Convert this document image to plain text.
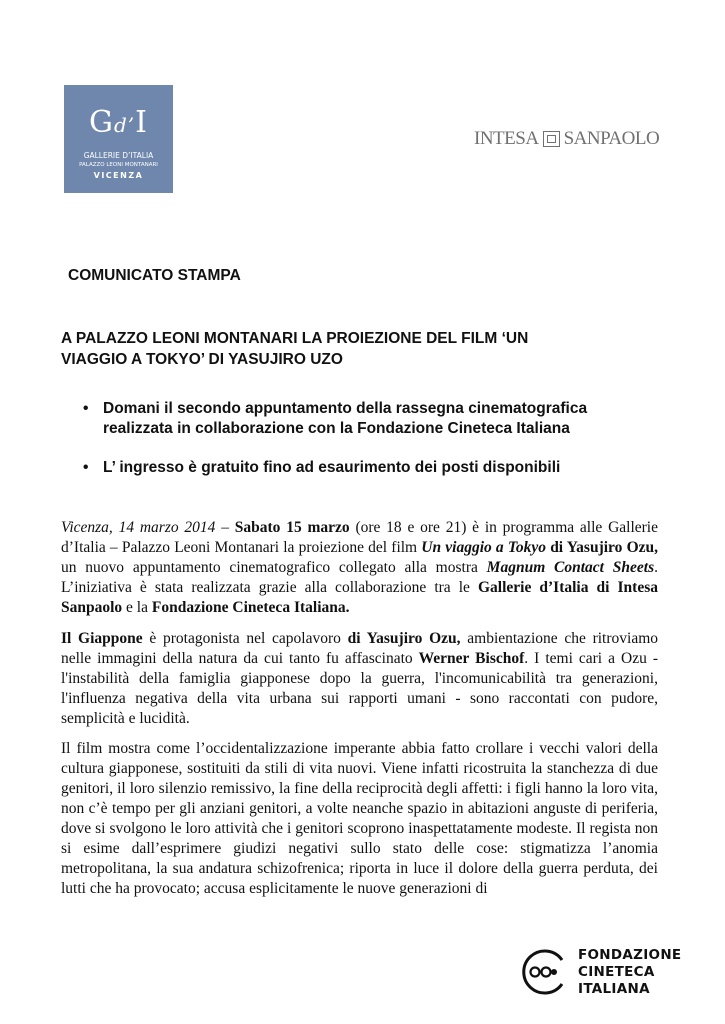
Gd’I
GALLERIE D’ITALIA
PALAZZO LEONI MONTANARI
VICENZA
INTESA SANPAOLO
COMUNICATO STAMPA
A PALAZZO LEONI MONTANARI LA PROIEZIONE DEL FILM ‘UN
VIAGGIO A TOKYO’ DI YASUJIRO UZO
• Domani il secondo appuntamento della rassegna cinematografica
realizzata in collaborazione con la Fondazione Cineteca Italiana
• L’ ingresso è gratuito fino ad esaurimento dei posti disponibili

Vicenza, 14 marzo 2014 – Sabato 15 marzo (ore 18 e ore 21) è in programma alle Gallerie d’Italia – Palazzo Leoni Montanari la proiezione del film Un viaggio a Tokyo di Yasujiro Ozu, un nuovo appuntamento cinematografico collegato alla mostra Magnum Contact Sheets. L’iniziativa è stata realizzata grazie alla collaborazione tra le Gallerie d’Italia di Intesa Sanpaolo e la Fondazione Cineteca Italiana.

Il Giappone è protagonista nel capolavoro di Yasujiro Ozu, ambientazione che ritroviamo nelle immagini della natura da cui tanto fu affascinato Werner Bischof. I temi cari a Ozu - l'instabilità della famiglia giapponese dopo la guerra, l'incomunicabilità tra generazioni, l'influenza negativa della vita urbana sui rapporti umani - sono raccontati con pudore, semplicità e lucidità.

Il film mostra come l’occidentalizzazione imperante abbia fatto crollare i vecchi valori della cultura giapponese, sostituiti da stili di vita nuovi. Viene infatti ricostruita la stanchezza di due genitori, il loro silenzio remissivo, la fine della reciprocità degli affetti: i figli hanno la loro vita, non c’è tempo per gli anziani genitori, a volte neanche spazio in abitazioni anguste di periferia, dove si svolgono le loro attività che i genitori scoprono inaspettatamente modeste. Il regista non si esime dall’esprimere giudizi negativi sullo stato delle cose: stigmatizza l’anomia metropolitana, la sua andatura schizofrenica; riporta in luce il dolore della guerra perduta, dei lutti che ha provocato; accusa esplicitamente le nuove generazioni di

FONDAZIONE
CINETECA
ITALIANA
